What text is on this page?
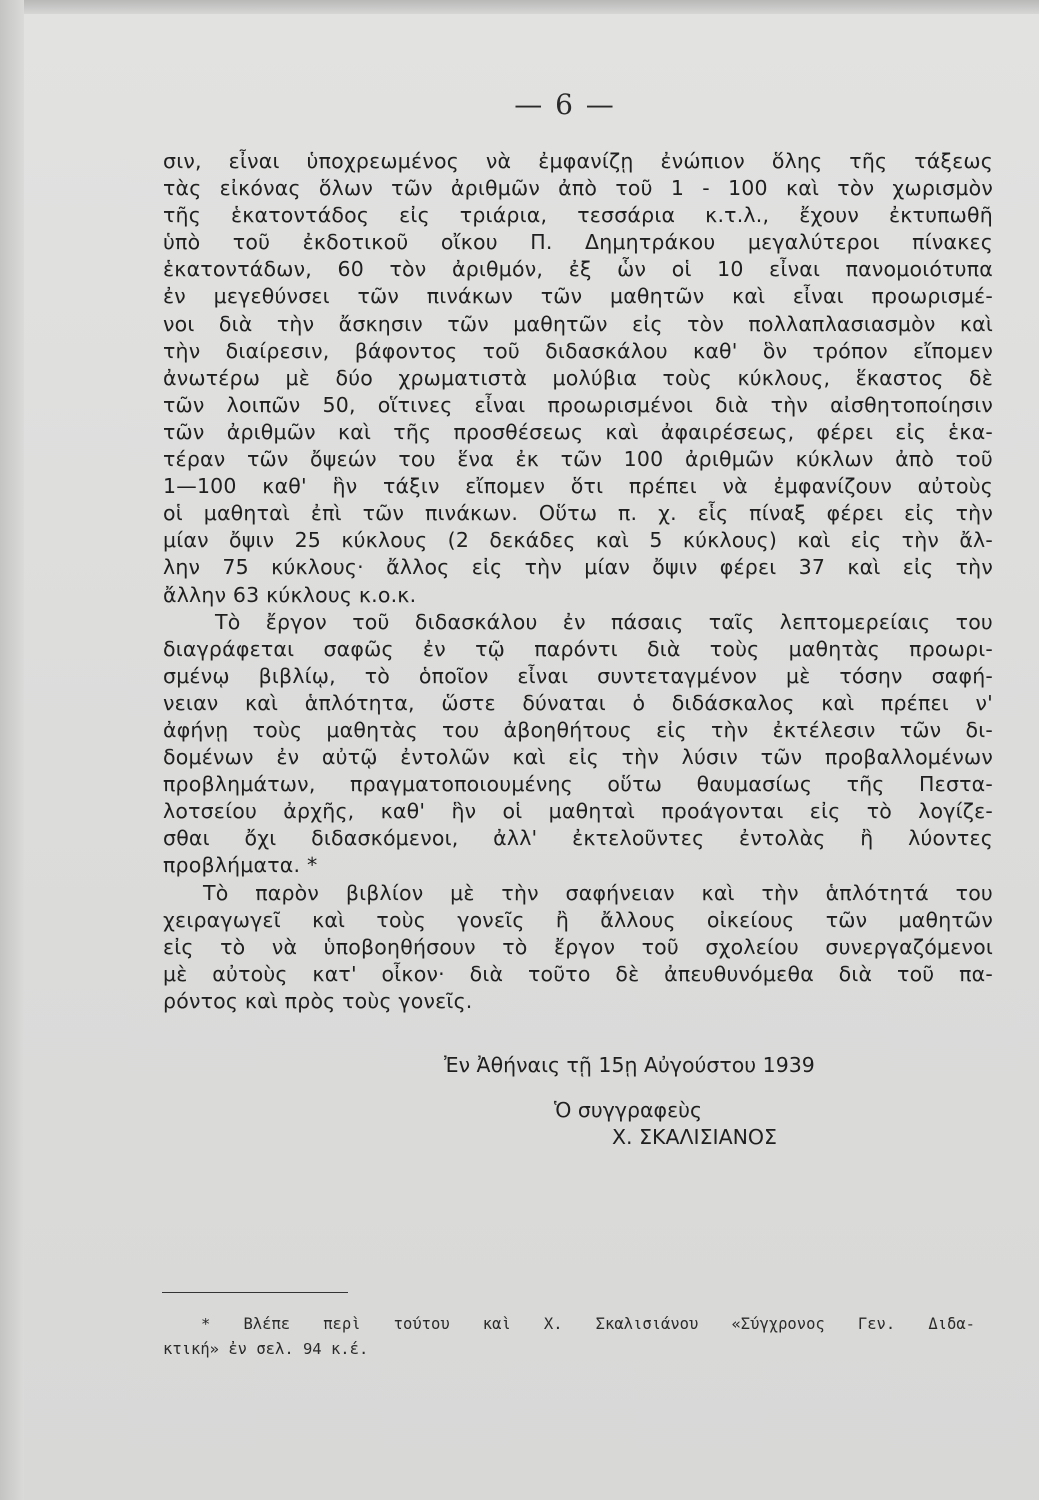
— 6 —
σιν, εἶναι ὑποχρεωμένος νὰ ἐμφανίζῃ ἐνώπιον ὅλης τῆς τάξεως
τὰς εἰκόνας ὅλων τῶν ἀριθμῶν ἀπὸ τοῦ 1 - 100 καὶ τὸν χωρισμὸν
τῆς ἑκατοντάδος εἰς τριάρια, τεσσάρια κ.τ.λ., ἔχουν ἐκτυπωθῆ
ὑπὸ τοῦ ἐκδοτικοῦ οἴκου Π. Δημητράκου μεγαλύτεροι πίνακες
ἑκατοντάδων, 60 τὸν ἀριθμόν, ἐξ ὧν οἱ 10 εἶναι πανομοιότυπα
ἐν μεγεθύνσει τῶν πινάκων τῶν μαθητῶν καὶ εἶναι προωρισμέ-
νοι διὰ τὴν ἄσκησιν τῶν μαθητῶν εἰς τὸν πολλαπλασιασμὸν καὶ
τὴν διαίρεσιν, βάφοντος τοῦ διδασκάλου καθ' ὃν τρόπον εἴπομεν
ἀνωτέρω μὲ δύο χρωματιστὰ μολύβια τοὺς κύκλους, ἕκαστος δὲ
τῶν λοιπῶν 50, οἵτινες εἶναι προωρισμένοι διὰ τὴν αἰσθητοποίησιν
τῶν ἀριθμῶν καὶ τῆς προσθέσεως καὶ ἀφαιρέσεως, φέρει εἰς ἑκα-
τέραν τῶν ὄψεών του ἕνα ἐκ τῶν 100 ἀριθμῶν κύκλων ἀπὸ τοῦ
1—100 καθ' ἣν τάξιν εἴπομεν ὅτι πρέπει νὰ ἐμφανίζουν αὐτοὺς
οἱ μαθηταὶ ἐπὶ τῶν πινάκων. Οὕτω π. χ. εἷς πίναξ φέρει εἰς τὴν
μίαν ὄψιν 25 κύκλους (2 δεκάδες καὶ 5 κύκλους) καὶ εἰς τὴν ἄλ-
λην 75 κύκλους· ἄλλος εἰς τὴν μίαν ὄψιν φέρει 37 καὶ εἰς τὴν
ἄλλην 63 κύκλους κ.ο.κ.
Τὸ ἔργον τοῦ διδασκάλου ἐν πάσαις ταῖς λεπτομερείαις του
διαγράφεται σαφῶς ἐν τῷ παρόντι διὰ τοὺς μαθητὰς προωρι-
σμένῳ βιβλίῳ, τὸ ὁποῖον εἶναι συντεταγμένον μὲ τόσην σαφή-
νειαν καὶ ἁπλότητα, ὥστε δύναται ὁ διδάσκαλος καὶ πρέπει ν'
ἀφήνῃ τοὺς μαθητὰς του ἀβοηθήτους εἰς τὴν ἐκτέλεσιν τῶν δι-
δομένων ἐν αὐτῷ ἐντολῶν καὶ εἰς τὴν λύσιν τῶν προβαλλομένων
προβλημάτων, πραγματοποιουμένης οὕτω θαυμασίως τῆς Πεστα-
λοτσείου ἀρχῆς, καθ' ἣν οἱ μαθηταὶ προάγονται εἰς τὸ λογίζε-
σθαι ὄχι διδασκόμενοι, ἀλλ' ἐκτελοῦντες ἐντολὰς ἢ λύοντες
προβλήματα. *
Τὸ παρὸν βιβλίον μὲ τὴν σαφήνειαν καὶ τὴν ἁπλότητά του
χειραγωγεῖ καὶ τοὺς γονεῖς ἢ ἄλλους οἰκείους τῶν μαθητῶν
εἰς τὸ νὰ ὑποβοηθήσουν τὸ ἔργον τοῦ σχολείου συνεργαζόμενοι
μὲ αὐτοὺς κατ' οἶκον· διὰ τοῦτο δὲ ἀπευθυνόμεθα διὰ τοῦ πα-
ρόντος καὶ πρὸς τοὺς γονεῖς.
Ἐν Ἀθήναις τῇ 15ῃ Αὐγούστου 1939
Ὁ συγγραφεὺς
Χ. ΣΚΑΛΙΣΙΑΝΟΣ
* Βλέπε περὶ τούτου καὶ Χ. Σκαλισιάνου «Σύγχρονος Γεν. Διδα-
κτική» ἐν σελ. 94 κ.έ.
